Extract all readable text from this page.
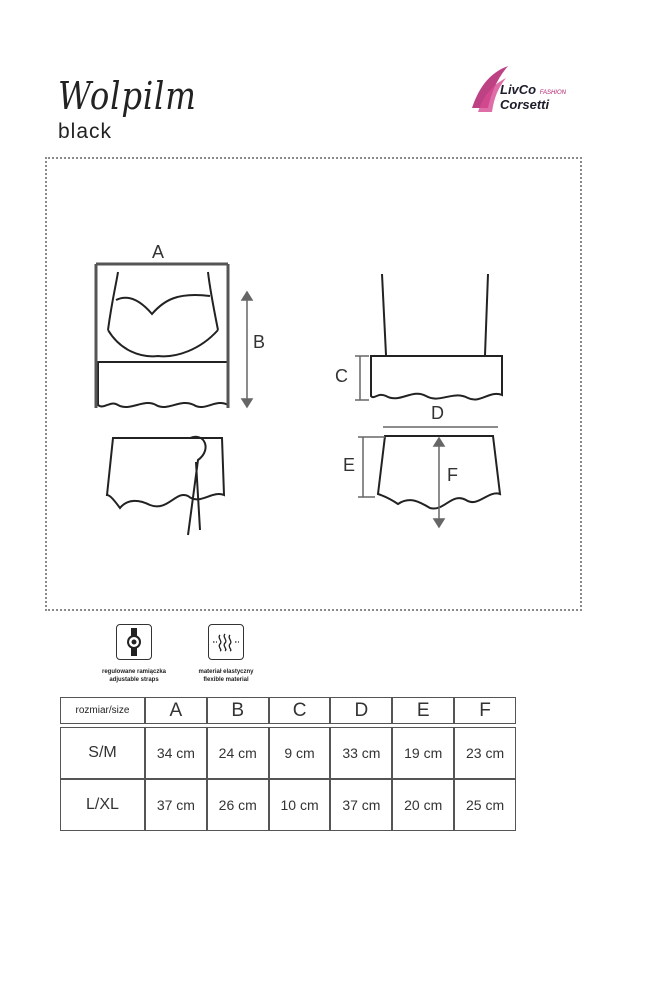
Wolpilm
black
LivCo FASHION
Corsetti
A
B
C
D
E	F
regulowane ramiączka
adjustable straps
materiał elastyczny
flexible material
rozmiar/size	A	B	C	D	E	F

S/M	34 cm	24 cm	9 cm	33 cm	19 cm	23 cm
L/XL	37 cm	26 cm	10 cm	37 cm	20 cm	25 cm
